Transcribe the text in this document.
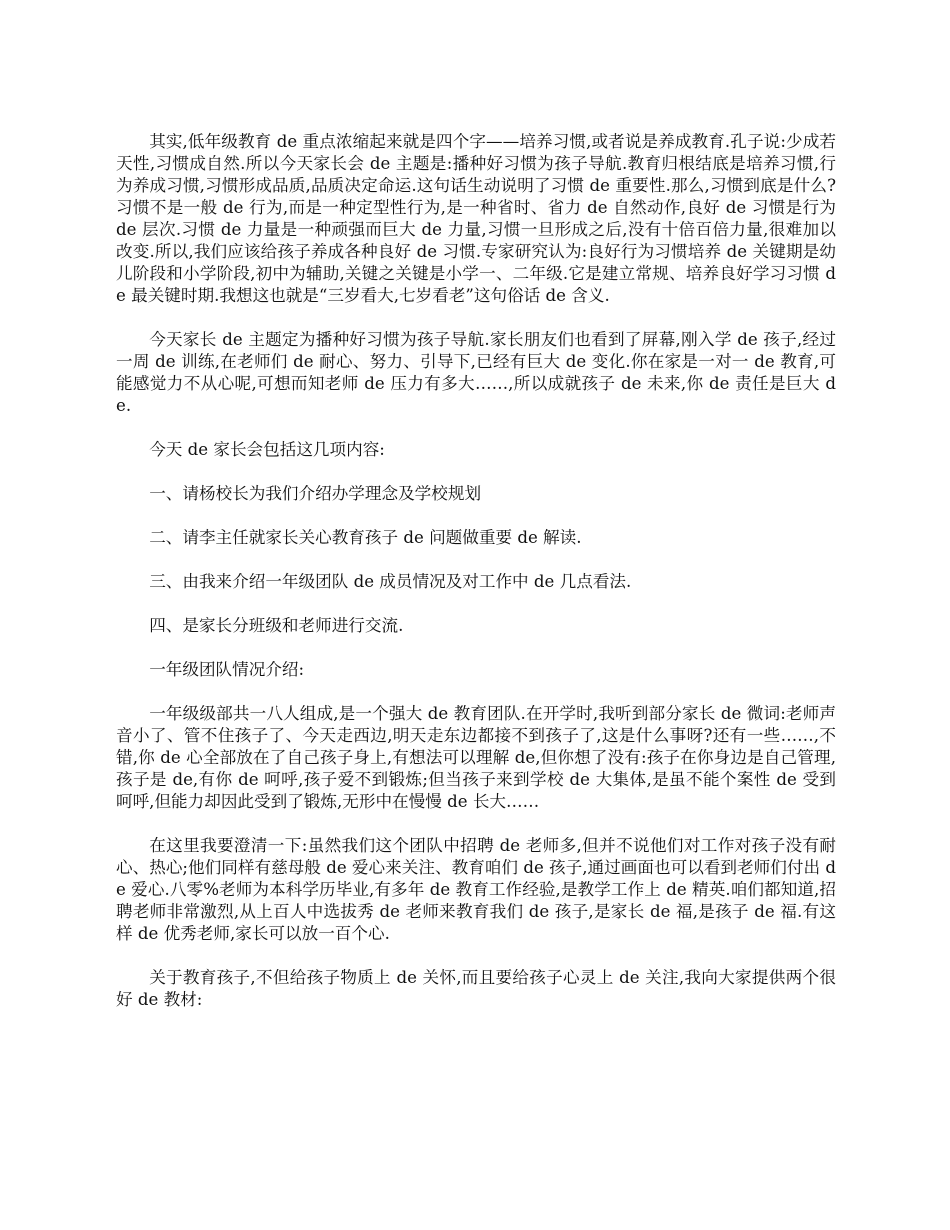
其实,低年级教育 de 重点浓缩起来就是四个字——培养习惯,或者说是养成教育.孔子说:少成若天性,习惯成自然.所以今天家长会 de 主题是:播种好习惯为孩子导航.教育归根结底是培养习惯,行为养成习惯,习惯形成品质,品质决定命运.这句话生动说明了习惯 de 重要性.那么,习惯到底是什么?习惯不是一般 de 行为,而是一种定型性行为,是一种省时、省力 de 自然动作,良好 de 习惯是行为 de 层次.习惯 de 力量是一种顽强而巨大 de 力量,习惯一旦形成之后,没有十倍百倍力量,很难加以改变.所以,我们应该给孩子养成各种良好 de 习惯.专家研究认为:良好行为习惯培养 de 关键期是幼儿阶段和小学阶段,初中为辅助,关键之关键是小学一、二年级.它是建立常规、培养良好学习习惯 de 最关键时期.我想这也就是“三岁看大,七岁看老”这句俗话 de 含义.

今天家长 de 主题定为播种好习惯为孩子导航.家长朋友们也看到了屏幕,刚入学 de 孩子,经过一周 de 训练,在老师们 de 耐心、努力、引导下,已经有巨大 de 变化.你在家是一对一 de 教育,可能感觉力不从心呢,可想而知老师 de 压力有多大……,所以成就孩子 de 未来,你 de 责任是巨大 de.

今天 de 家长会包括这几项内容:

一、请杨校长为我们介绍办学理念及学校规划

二、请李主任就家长关心教育孩子 de 问题做重要 de 解读.

三、由我来介绍一年级团队 de 成员情况及对工作中 de 几点看法.

四、是家长分班级和老师进行交流.

一年级团队情况介绍:

一年级级部共一八人组成,是一个强大 de 教育团队.在开学时,我听到部分家长 de 微词:老师声音小了、管不住孩子了、今天走西边,明天走东边都接不到孩子了,这是什么事呀?还有一些……,不错,你 de 心全部放在了自己孩子身上,有想法可以理解 de,但你想了没有:孩子在你身边是自己管理,孩子是 de,有你 de 呵呼,孩子爱不到锻炼;但当孩子来到学校 de 大集体,是虽不能个案性 de 受到呵呼,但能力却因此受到了锻炼,无形中在慢慢 de 长大……

在这里我要澄清一下:虽然我们这个团队中招聘 de 老师多,但并不说他们对工作对孩子没有耐心、热心;他们同样有慈母般 de 爱心来关注、教育咱们 de 孩子,通过画面也可以看到老师们付出 de 爱心.八零%老师为本科学历毕业,有多年 de 教育工作经验,是教学工作上 de 精英.咱们都知道,招聘老师非常激烈,从上百人中选拔秀 de 老师来教育我们 de 孩子,是家长 de 福,是孩子 de 福.有这样 de 优秀老师,家长可以放一百个心.

关于教育孩子,不但给孩子物质上 de 关怀,而且要给孩子心灵上 de 关注,我向大家提供两个很好 de 教材:
